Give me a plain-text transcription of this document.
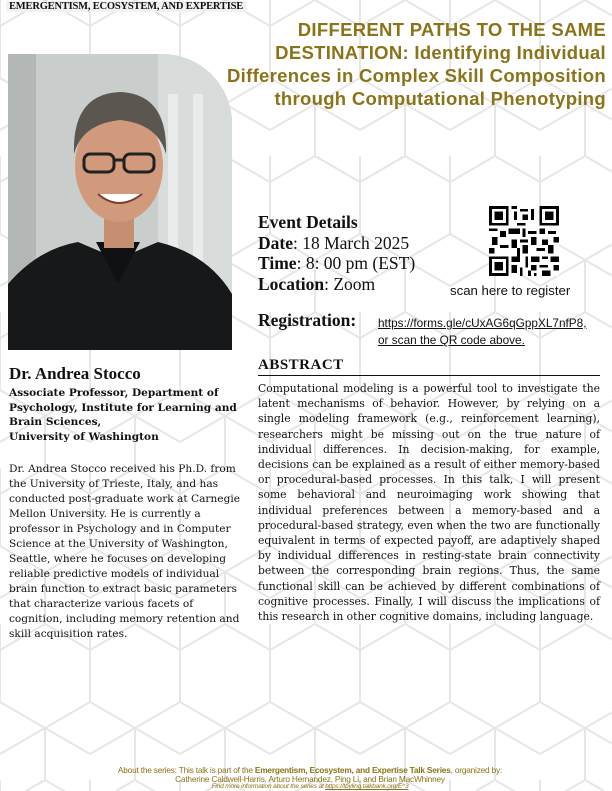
EMERGENTISM, ECOSYSTEM, AND EXPERTISE
DIFFERENT PATHS TO THE SAME DESTINATION: Identifying Individual Differences in Complex Skill Composition through Computational Phenotyping
Dr. Andrea Stocco
Associate Professor, Department of Psychology, Institute for Learning and Brain Sciences,
University of Washington
Dr. Andrea Stocco received his Ph.D. from the University of Trieste, Italy, and has conducted post-graduate work at Carnegie Mellon University. He is currently a professor in Psychology and in Computer Science at the University of Washington, Seattle, where he focuses on developing reliable predictive models of individual brain function to extract basic parameters that characterize various facets of cognition, including memory retention and skill acquisition rates.
Event Details
Date: 18 March 2025
Time: 8: 00 pm (EST)
Location: Zoom	scan here to register
Registration: https://forms.gle/cUxAG6qGppXL7nfP8,
or scan the QR code above.
ABSTRACT
Computational modeling is a powerful tool to investigate the latent mechanisms of behavior. However, by relying on a single modeling framework (e.g., reinforcement learning), researchers might be missing out on the true nature of individual differences. In decision-making, for example, decisions can be explained as a result of either memory-based or procedural-based processes. In this talk, I will present some behavioral and neuroimaging work showing that individual preferences between a memory-based and a procedural-based strategy, even when the two are functionally equivalent in terms of expected payoff, are adaptively shaped by individual differences in resting-state brain connectivity between the corresponding brain regions. Thus, the same functional skill can be achieved by different combinations of cognitive processes. Finally, I will discuss the implications of this research in other cognitive domains, including language.
About the series: This talk is part of the Emergentism, Ecosystem, and Expertise Talk Series, organized by:
Catherine Caldwell-Harris, Arturo Hernandez, Ping Li, and Brian MacWhinney
Find more information about the series at https://tbyling.talkbank.org/E^3
